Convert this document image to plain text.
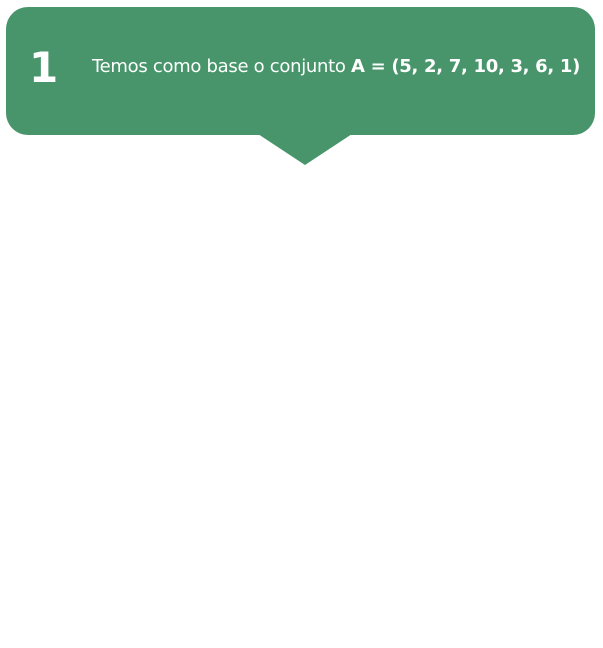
1 Temos como base o conjunto A = (5, 2, 7, 10, 3, 6, 1)
